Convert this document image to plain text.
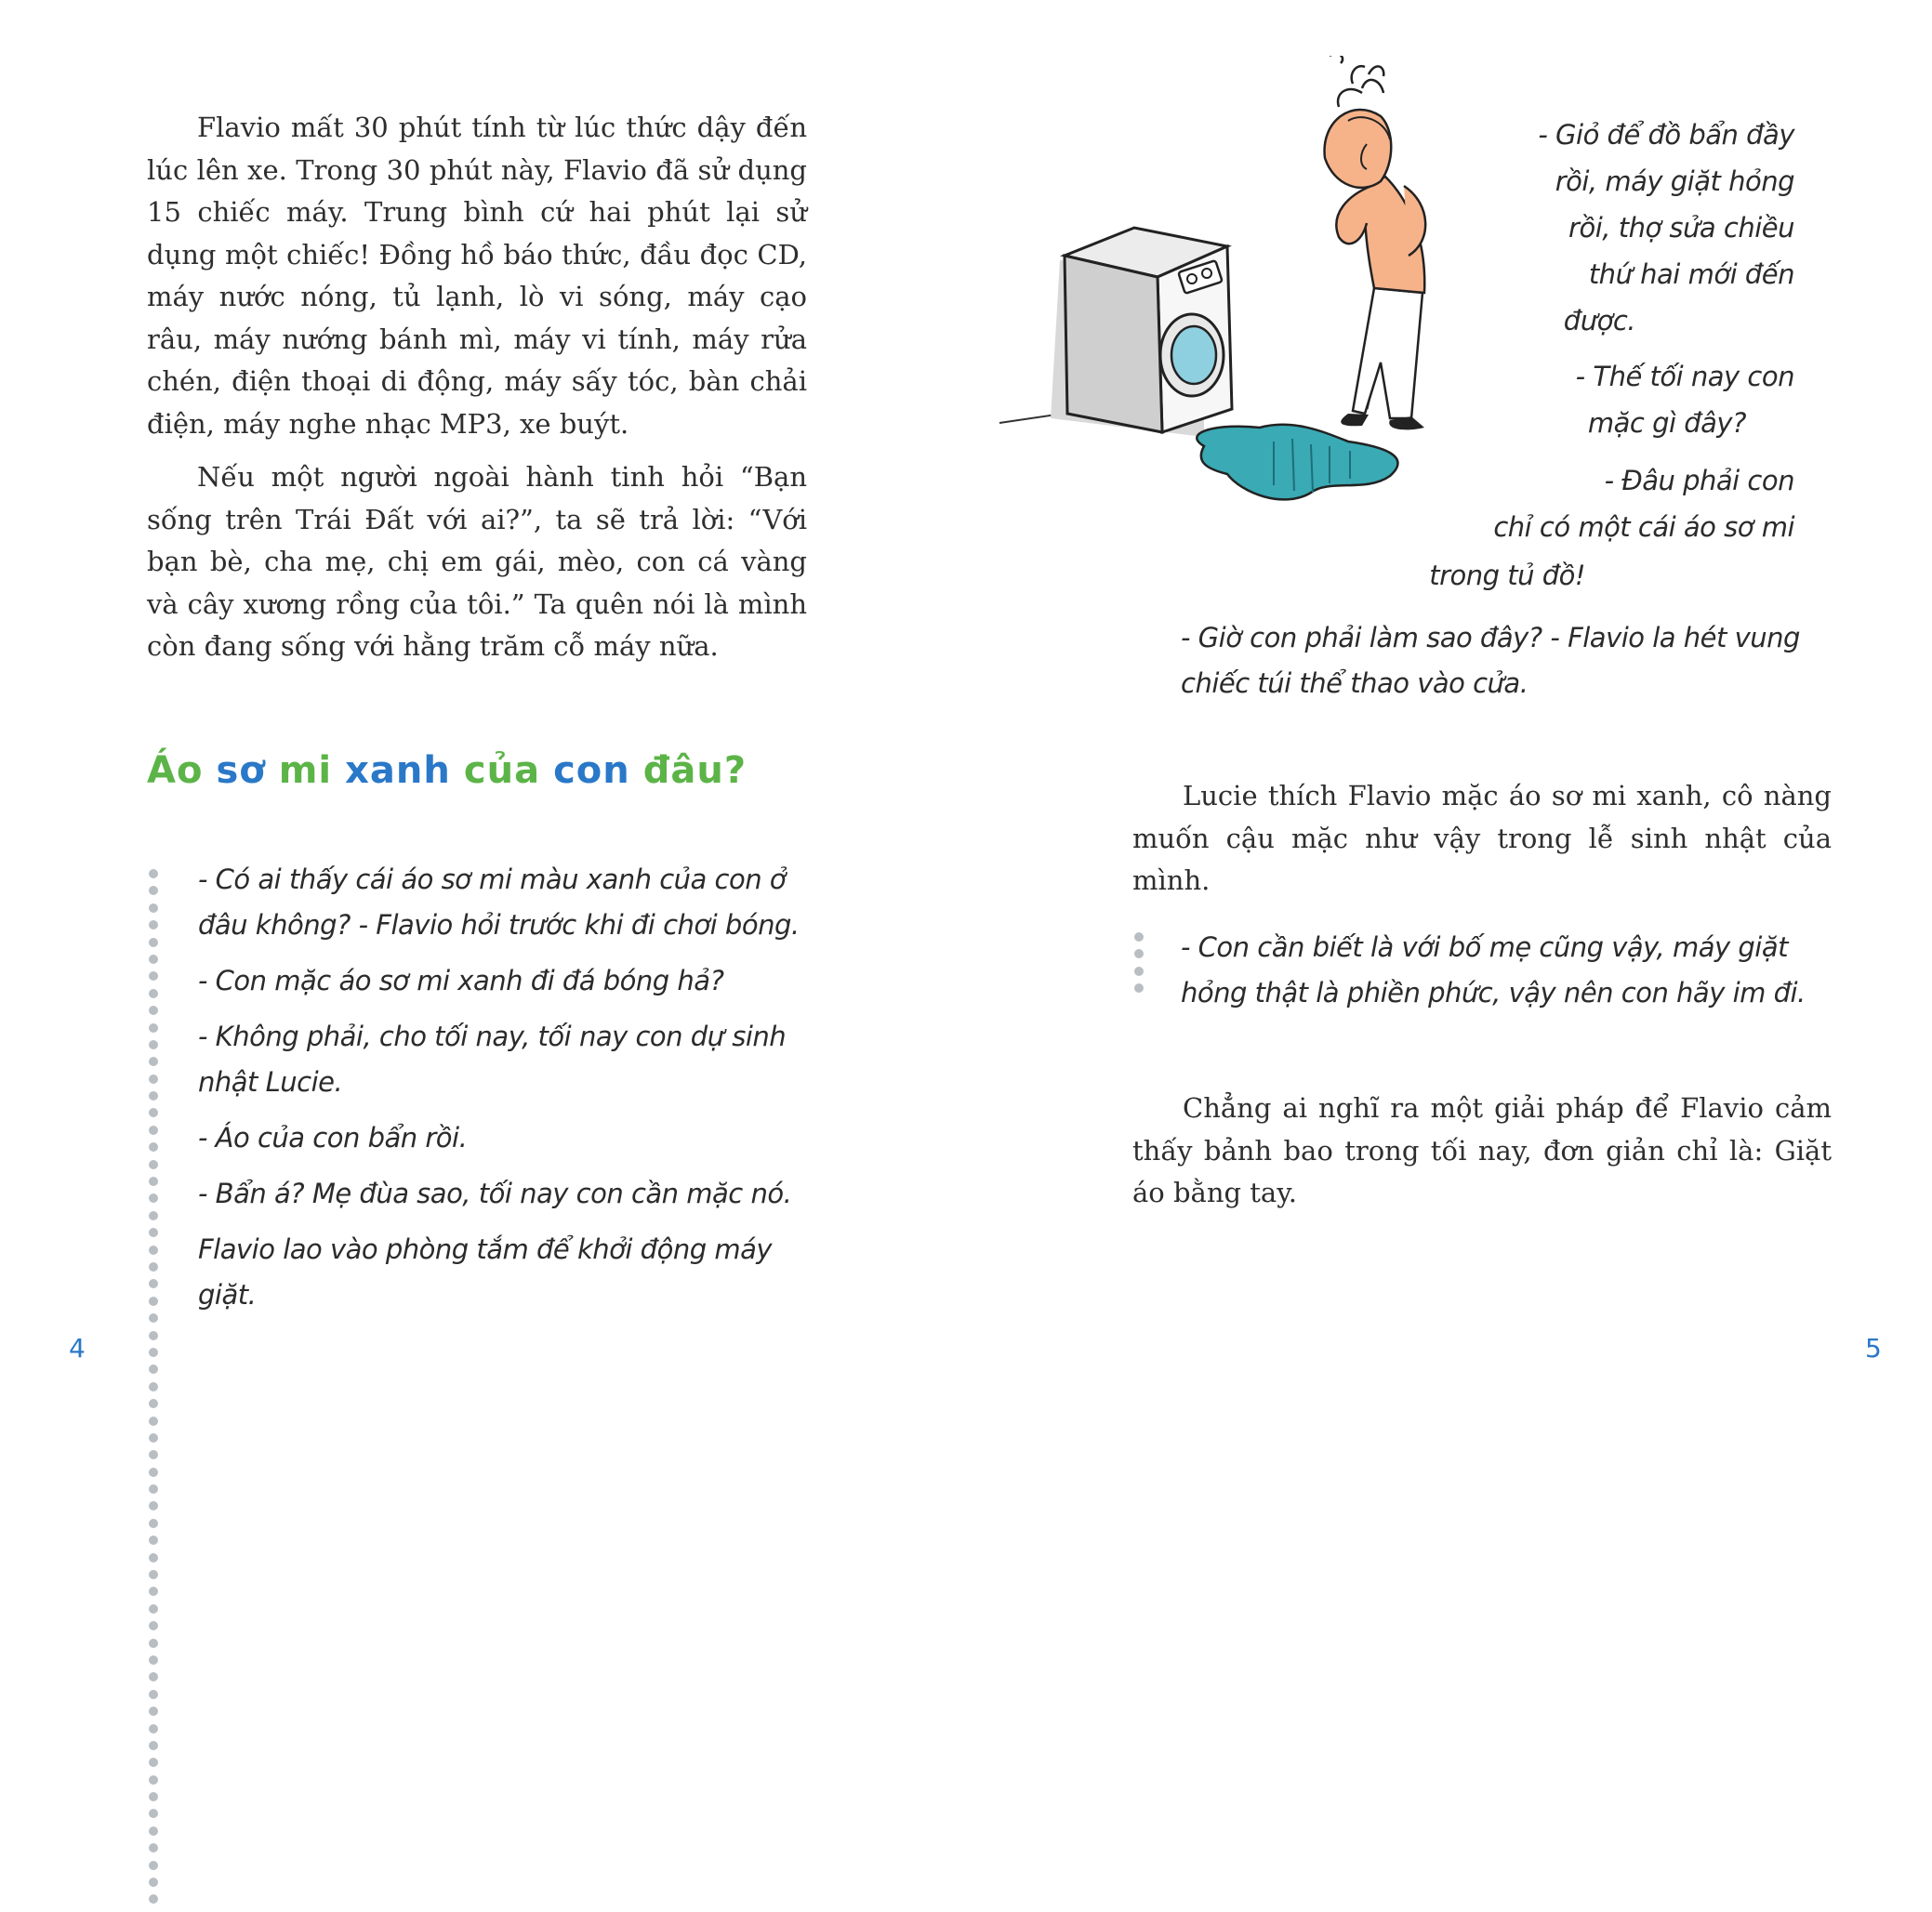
Flavio mất 30 phút tính từ lúc thức dậy đến lúc lên xe. Trong 30 phút này, Flavio đã sử dụng 15 chiếc máy. Trung bình cứ hai phút lại sử dụng một chiếc! Đồng hồ báo thức, đầu đọc CD, máy nước nóng, tủ lạnh, lò vi sóng, máy cạo râu, máy nướng bánh mì, máy vi tính, máy rửa chén, điện thoại di động, máy sấy tóc, bàn chải điện, máy nghe nhạc MP3, xe buýt.

Nếu một người ngoài hành tinh hỏi “Bạn sống trên Trái Đất với ai?”, ta sẽ trả lời: “Với bạn bè, cha mẹ, chị em gái, mèo, con cá vàng và cây xương rồng của tôi.” Ta quên nói là mình còn đang sống với hằng trăm cỗ máy nữa.

Áo sơ mi xanh của con đâu?

- Có ai thấy cái áo sơ mi màu xanh của con ở đâu không? - Flavio hỏi trước khi đi chơi bóng.

- Con mặc áo sơ mi xanh đi đá bóng hả?

- Không phải, cho tối nay, tối nay con dự sinh nhật Lucie.

- Áo của con bẩn rồi.

- Bẩn á? Mẹ đùa sao, tối nay con cần mặc nó.

Flavio lao vào phòng tắm để khởi động máy giặt.

4
- Giỏ để đồ bẩn đầy
rồi, máy giặt hỏng
rồi, thợ sửa chiều
thứ hai mới đến
được.
- Thế tối nay con
mặc gì đây?
- Đâu phải con
chỉ có một cái áo sơ mi
trong tủ đồ!

- Giờ con phải làm sao đây? - Flavio la hét vung chiếc túi thể thao vào cửa.

Lucie thích Flavio mặc áo sơ mi xanh, cô nàng muốn cậu mặc như vậy trong lễ sinh nhật của mình.

- Con cần biết là với bố mẹ cũng vậy, máy giặt hỏng thật là phiền phức, vậy nên con hãy im đi.

Chẳng ai nghĩ ra một giải pháp để Flavio cảm thấy bảnh bao trong tối nay, đơn giản chỉ là: Giặt áo bằng tay.

5
